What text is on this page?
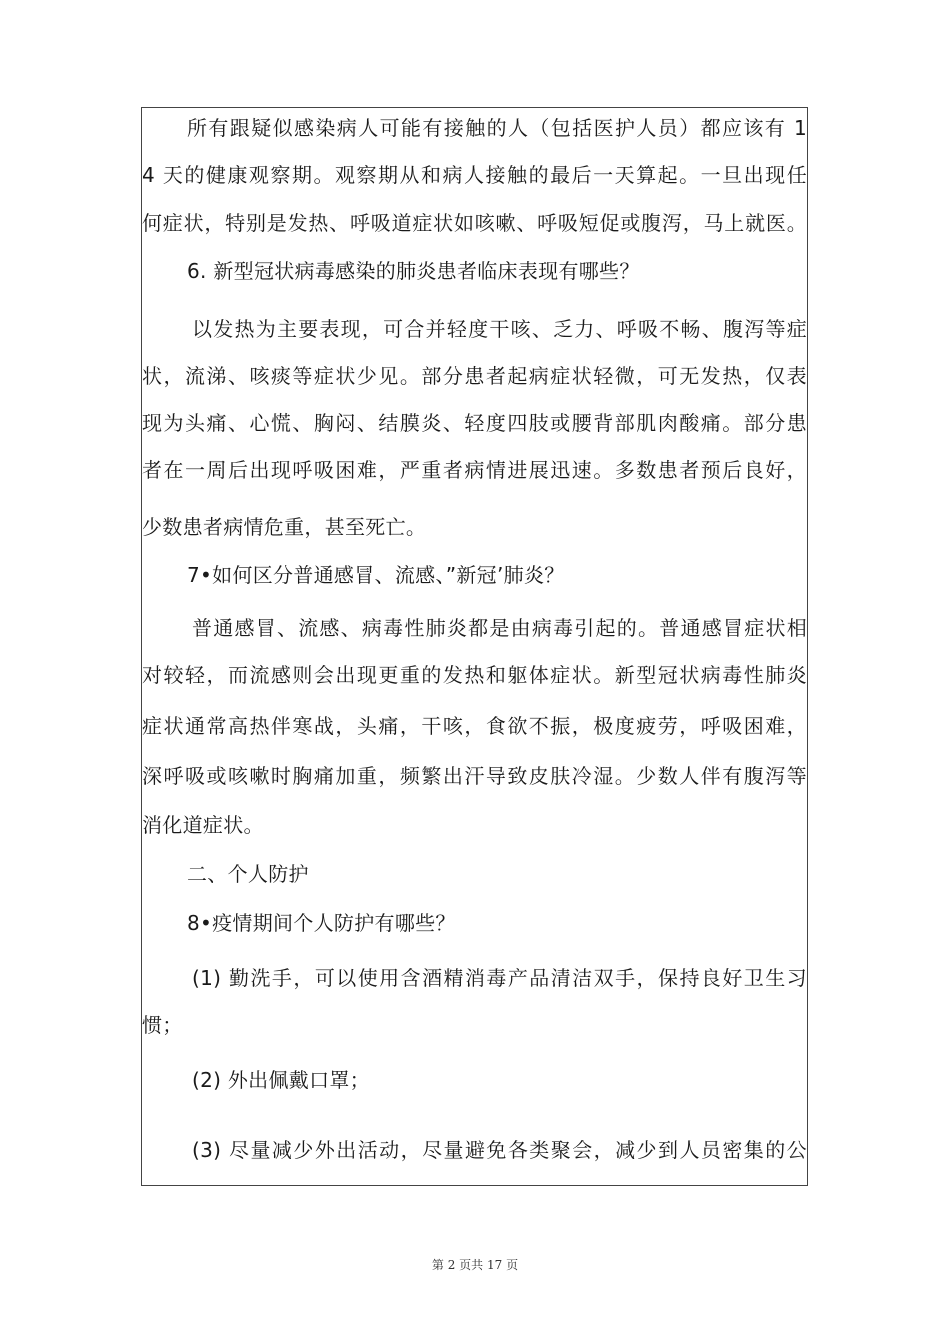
所有跟疑似感染病人可能有接触的人（包括医护人员）都应该有 1
4 天的健康观察期。观察期从和病人接触的最后一天算起。一旦出现任
何症状，特别是发热、呼吸道症状如咳嗽、呼吸短促或腹泻，马上就医。
6. 新型冠状病毒感染的肺炎患者临床表现有哪些？
以发热为主要表现，可合并轻度干咳、乏力、呼吸不畅、腹泻等症
状，流涕、咳痰等症状少见。部分患者起病症状轻微，可无发热，仅表
现为头痛、心慌、胸闷、结膜炎、轻度四肢或腰背部肌肉酸痛。部分患
者在一周后出现呼吸困难，严重者病情进展迅速。多数患者预后良好，
少数患者病情危重，甚至死亡。
7•如何区分普通感冒、流感、”新冠’肺炎？
普通感冒、流感、病毒性肺炎都是由病毒引起的。普通感冒症状相
对较轻，而流感则会出现更重的发热和躯体症状。新型冠状病毒性肺炎
症状通常高热伴寒战，头痛，干咳，食欲不振，极度疲劳，呼吸困难，
深呼吸或咳嗽时胸痛加重，频繁出汗导致皮肤冷湿。少数人伴有腹泻等
消化道症状。
二、个人防护
8•疫情期间个人防护有哪些？
(1) 勤洗手，可以使用含酒精消毒产品清洁双手，保持良好卫生习
惯；
(2) 外出佩戴口罩；
(3) 尽量减少外出活动，尽量避免各类聚会，减少到人员密集的公
第 2 页共 17 页
